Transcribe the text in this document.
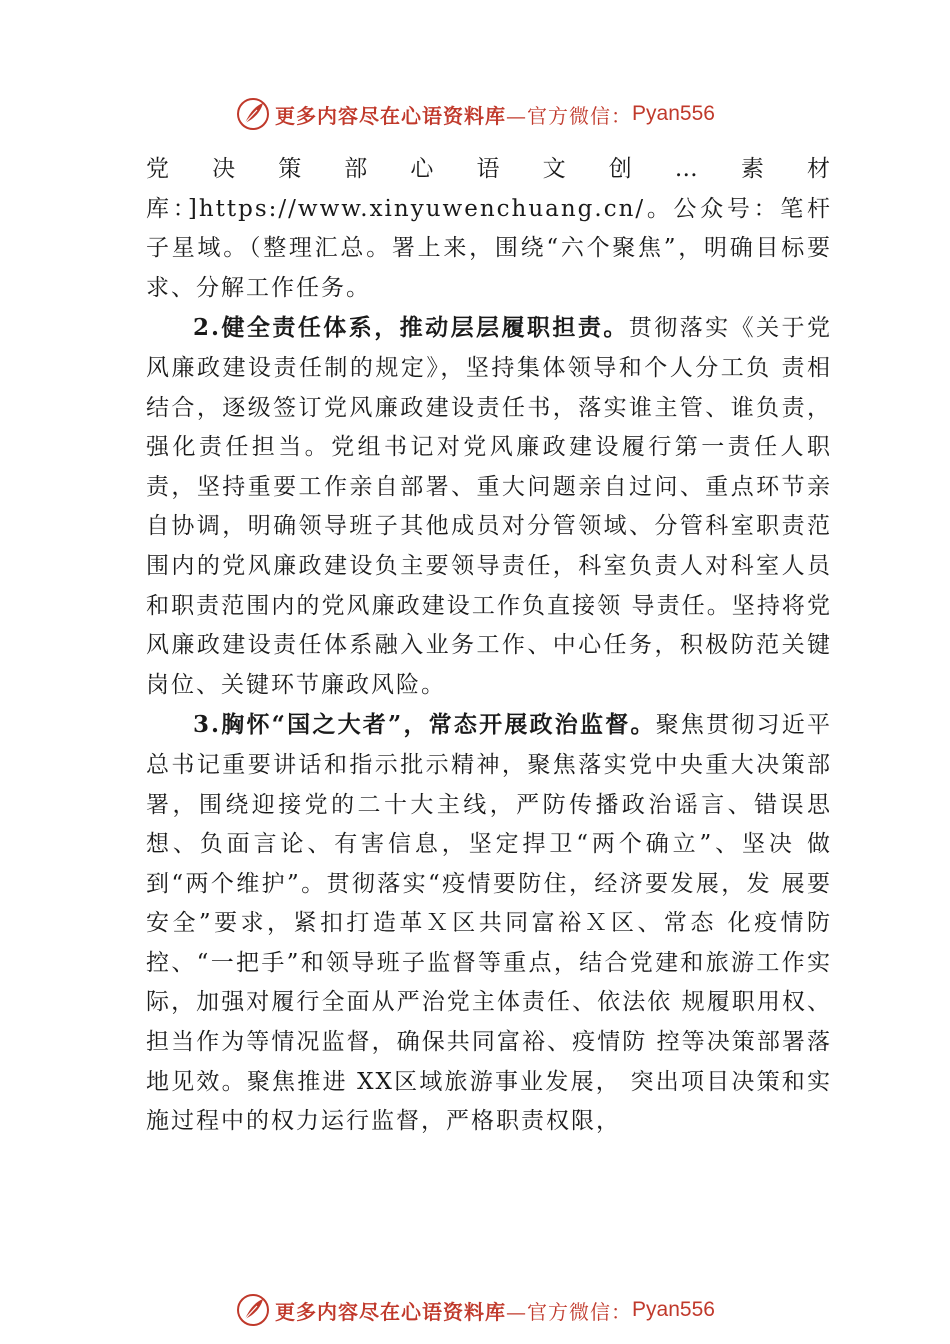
更多内容尽在心语资料库 —官方微信： Pyan556

党决策部心语文创…素材库：]https://www.xinyuwenchuang.cn/。公众号：笔杆子星域。（整理汇总。署上来，围绕“六个聚焦”，明确目标要求、分解工作任务。

2.健全责任体系，推动层层履职担责。贯彻落实《关于党风廉政建设责任制的规定》，坚持集体领导和个人分工负 责相结合，逐级签订党风廉政建设责任书，落实谁主管、谁负责，强化责任担当。党组书记对党风廉政建设履行第一责任人职责，坚持重要工作亲自部署、重大问题亲自过问、重点环节亲自协调，明确领导班子其他成员对分管领域、分管科室职责范围内的党风廉政建设负主要领导责任，科室负责人对科室人员和职责范围内的党风廉政建设工作负直接领 导责任。坚持将党风廉政建设责任体系融入业务工作、中心任务，积极防范关键岗位、关键环节廉政风险。

3.胸怀“国之大者”，常态开展政治监督。聚焦贯彻习近平总书记重要讲话和指示批示精神，聚焦落实党中央重大决策部署，围绕迎接党的二十大主线，严防传播政治谣言、错误思想、负面言论、有害信息，坚定捍卫“两个确立”、坚决 做到“两个维护”。贯彻落实“疫情要防住，经济要发展，发 展要安全”要求，紧扣打造革Ｘ区共同富裕Ｘ区、常态 化疫情防控、“一把手”和领导班子监督等重点，结合党建和旅游工作实际，加强对履行全面从严治党主体责任、依法依 规履职用权、担当作为等情况监督，确保共同富裕、疫情防 控等决策部署落地见效。聚焦推进 XX区域旅游事业发展， 突出项目决策和实施过程中的权力运行监督，严格职责权限，

更多内容尽在心语资料库 —官方微信： Pyan556
